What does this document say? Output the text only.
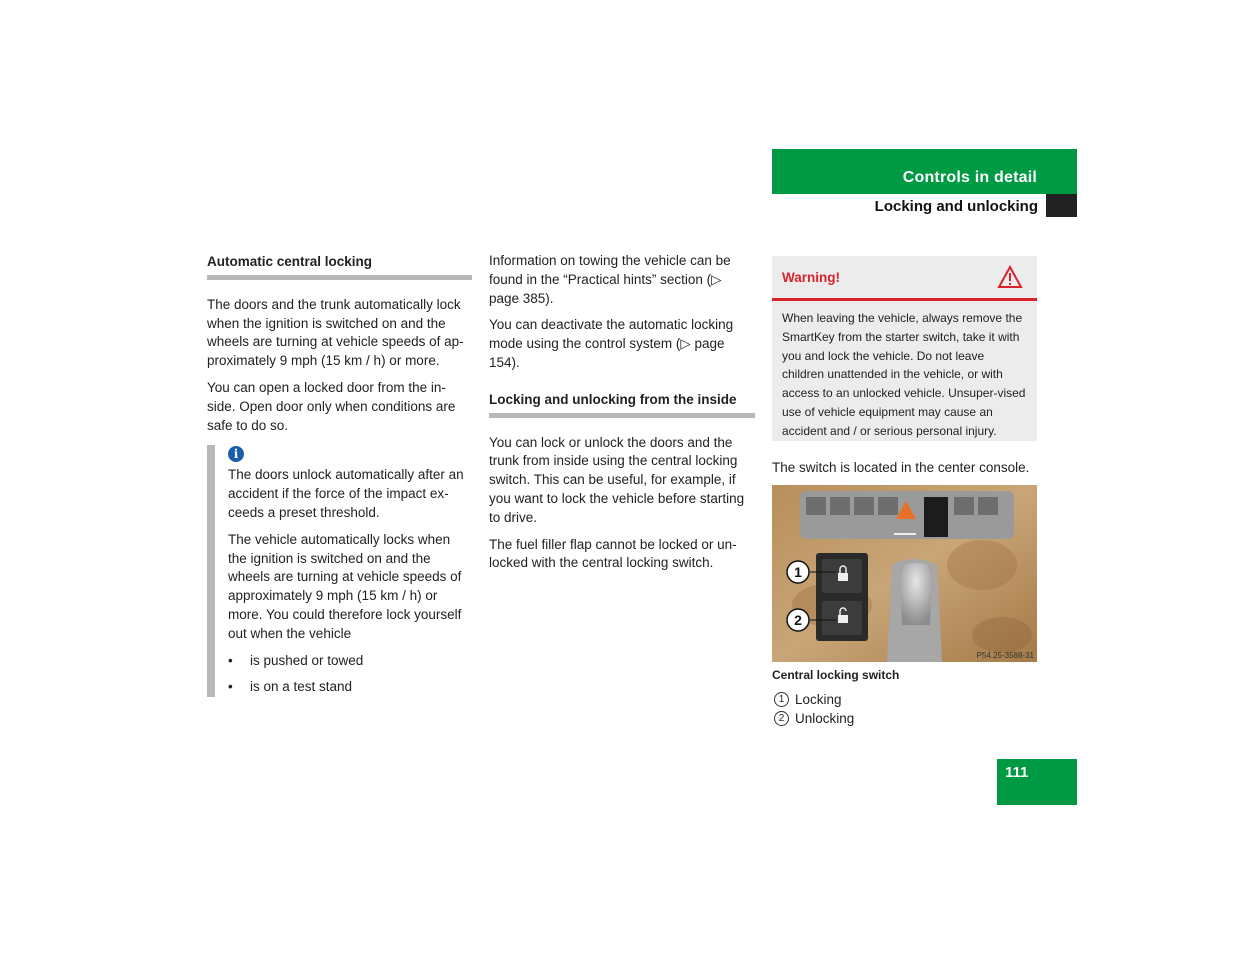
Controls in detail
Locking and unlocking
Automatic central locking

The doors and the trunk automatically lock when the ignition is switched on and the wheels are turning at vehicle speeds of ap-proximately 9 mph (15 km / h) or more.

You can open a locked door from the in-side. Open door only when conditions are safe to do so.

i

The doors unlock automatically after an accident if the force of the impact ex-ceeds a preset threshold.

The vehicle automatically locks when the ignition is switched on and the wheels are turning at vehicle speeds of approximately 9 mph (15 km / h) or more. You could therefore lock yourself out when the vehicle

• is pushed or towed
• is on a test stand

Information on towing the vehicle can be found in the “Practical hints” section (▷ page 385).

You can deactivate the automatic locking mode using the control system (▷ page 154).

Locking and unlocking from the inside

You can lock or unlock the doors and the trunk from inside using the central locking switch. This can be useful, for example, if you want to lock the vehicle before starting to drive.

The fuel filler flap cannot be locked or un-locked with the central locking switch.

Warning!
When leaving the vehicle, always remove the SmartKey from the starter switch, take it with you and lock the vehicle. Do not leave children unattended in the vehicle, or with access to an unlocked vehicle. Unsuper-vised use of vehicle equipment may cause an accident and / or serious personal injury.
The switch is located in the center console.
1
2
P54.25-3588-31
Central locking switch
1 Locking
2 Unlocking
111
